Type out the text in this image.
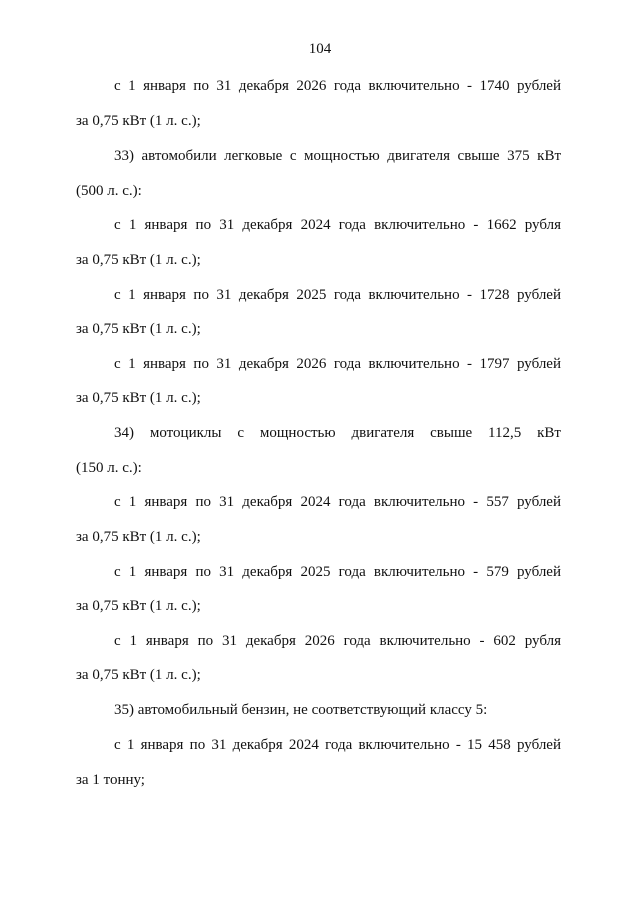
104
с 1 января по 31 декабря 2026 года включительно - 1740 рублей
за 0,75 кВт (1 л. с.);
33) автомобили легковые с мощностью двигателя свыше 375 кВт
(500 л. с.):
с 1 января по 31 декабря 2024 года включительно - 1662 рубля
за 0,75 кВт (1 л. с.);
с 1 января по 31 декабря 2025 года включительно - 1728 рублей
за 0,75 кВт (1 л. с.);
с 1 января по 31 декабря 2026 года включительно - 1797 рублей
за 0,75 кВт (1 л. с.);
34) мотоциклы с мощностью двигателя свыше 112,5 кВт
(150 л. с.):
с 1 января по 31 декабря 2024 года включительно - 557 рублей
за 0,75 кВт (1 л. с.);
с 1 января по 31 декабря 2025 года включительно - 579 рублей
за 0,75 кВт (1 л. с.);
с 1 января по 31 декабря 2026 года включительно - 602 рубля
за 0,75 кВт (1 л. с.);
35) автомобильный бензин, не соответствующий классу 5:
с 1 января по 31 декабря 2024 года включительно - 15 458 рублей
за 1 тонну;
